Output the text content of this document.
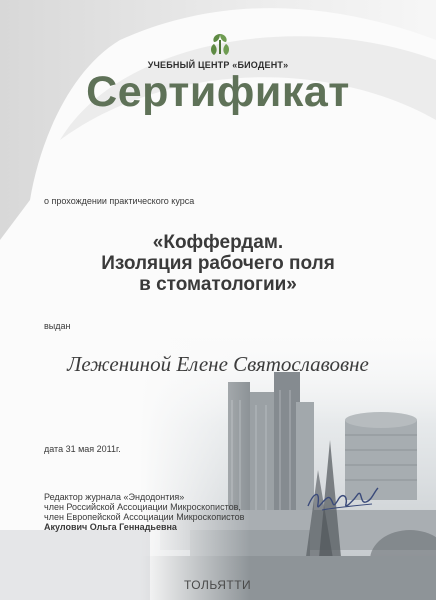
УЧЕБНЫЙ ЦЕНТР «БИОДЕНТ»
Сертификат
о прохождении практического курса
«Коффердам.
Изоляция рабочего поля
в стоматологии»
выдан
Лежениной Елене Святославовне
дата 31 мая 2011г.
Редактор журнала «Эндодонтия»
член Российской Ассоциации Микроскопистов,
член Европейской Ассоциации Микроскопистов
Акулович Ольга Геннадьевна
ТОЛЬЯТТИ
